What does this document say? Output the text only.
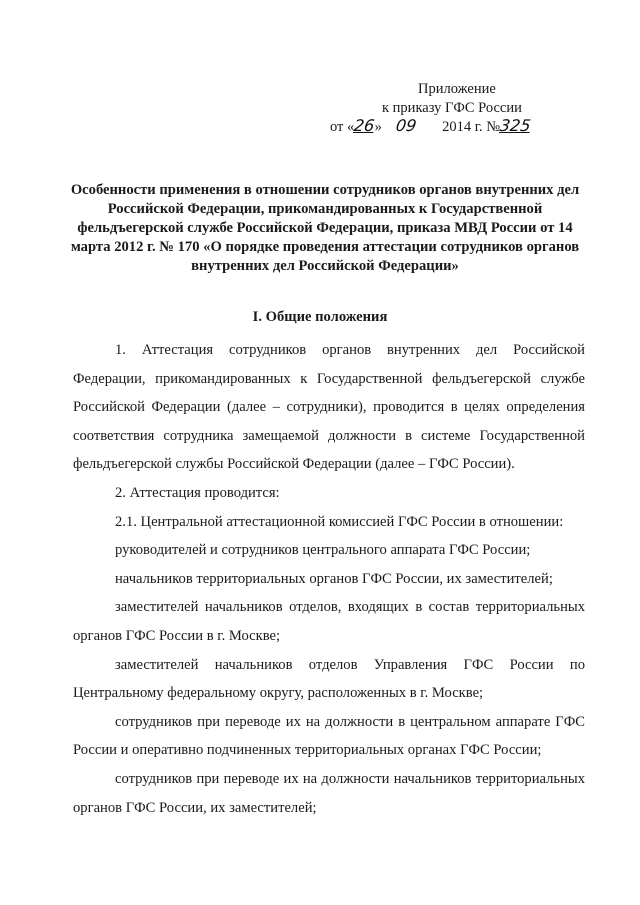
Приложение
к приказу ГФС России
от «26» 09 2014 г. №325
Особенности применения в отношении сотрудников органов внутренних дел Российской Федерации, прикомандированных к Государственной фельдъегерской службе Российской Федерации, приказа МВД России от 14 марта 2012 г. № 170 «О порядке проведения аттестации сотрудников органов внутренних дел Российской Федерации»
I. Общие положения

1. Аттестация сотрудников органов внутренних дел Российской Федерации, прикомандированных к Государственной фельдъегерской службе Российской Федерации (далее – сотрудники), проводится в целях определения соответствия сотрудника замещаемой должности в системе Государственной фельдъегерской службы Российской Федерации (далее – ГФС России).

2. Аттестация проводится:

2.1. Центральной аттестационной комиссией ГФС России в отношении:

руководителей и сотрудников центрального аппарата ГФС России;

начальников территориальных органов ГФС России, их заместителей;

заместителей начальников отделов, входящих в состав территориальных органов ГФС России в г. Москве;

заместителей начальников отделов Управления ГФС России по Центральному федеральному округу, расположенных в г. Москве;

сотрудников при переводе их на должности в центральном аппарате ГФС России и оперативно подчиненных территориальных органах ГФС России;

сотрудников при переводе их на должности начальников территориальных органов ГФС России, их заместителей;
